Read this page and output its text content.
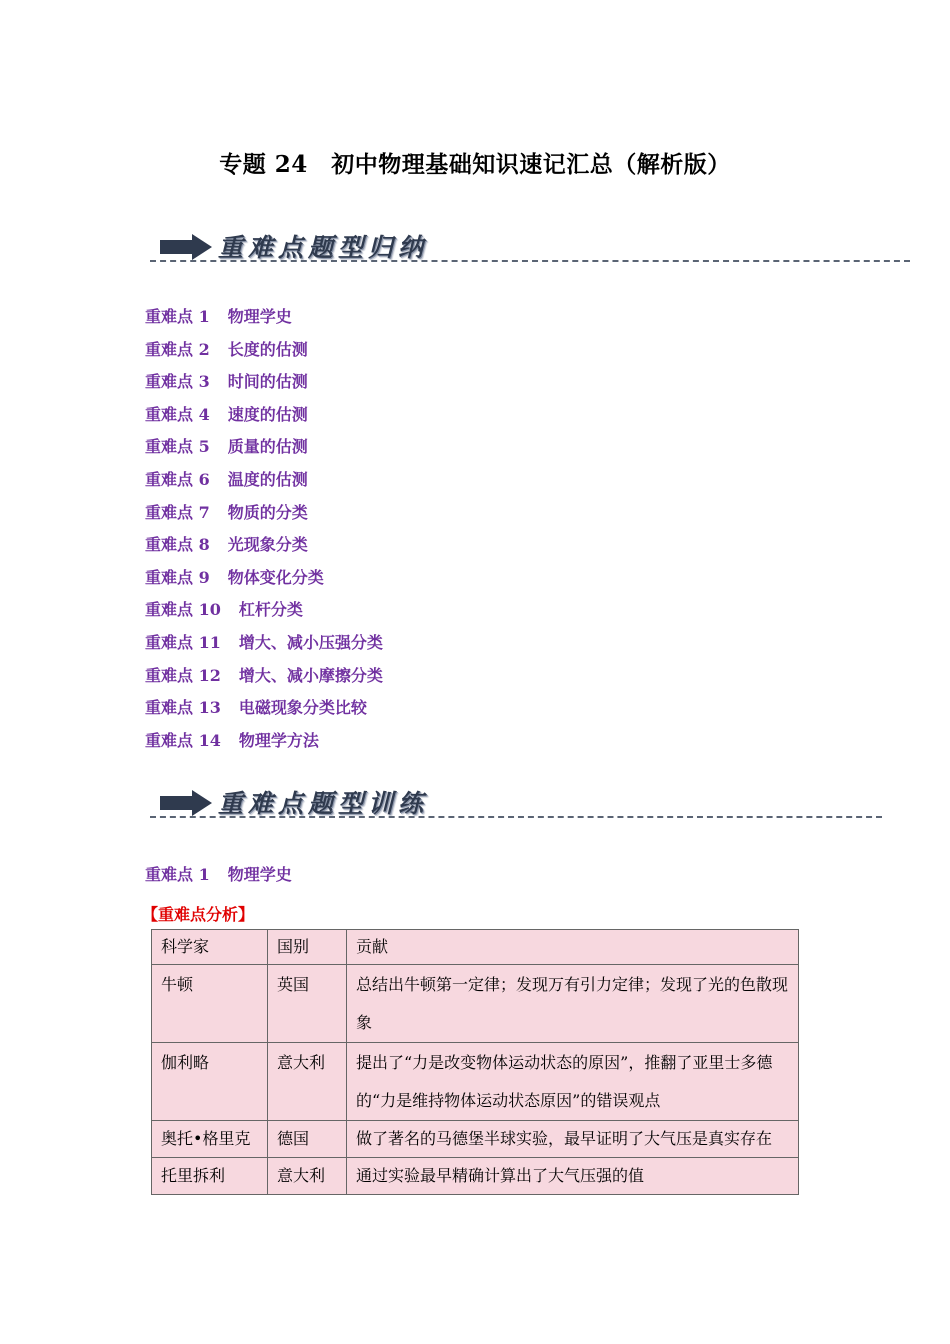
专题 24　初中物理基础知识速记汇总（解析版）
重难点题型归纳
重难点 1 物理学史
重难点 2 长度的估测
重难点 3 时间的估测
重难点 4 速度的估测
重难点 5 质量的估测
重难点 6 温度的估测
重难点 7 物质的分类
重难点 8 光现象分类
重难点 9 物体变化分类
重难点 10 杠杆分类
重难点 11 增大、减小压强分类
重难点 12 增大、减小摩擦分类
重难点 13 电磁现象分类比较
重难点 14 物理学方法
重难点题型训练
重难点 1 物理学史
【重难点分析】
科学家	国别	贡献
牛顿	英国	总结出牛顿第一定律；发现万有引力定律；发现了光的色散现象
伽利略	意大利	提出了“力是改变物体运动状态的原因”，推翻了亚里士多德的“力是维持物体运动状态原因”的错误观点
奥托•格里克	德国	做了著名的马德堡半球实验，最早证明了大气压是真实存在
托里拆利	意大利	通过实验最早精确计算出了大气压强的值
